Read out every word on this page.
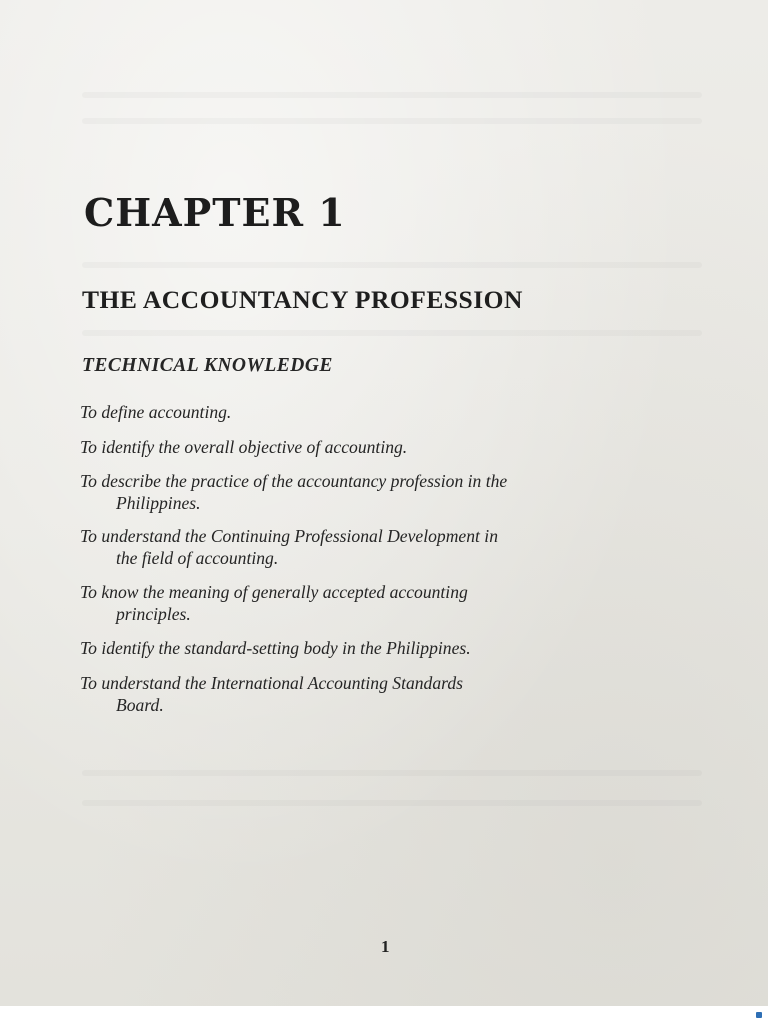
CHAPTER 1
THE ACCOUNTANCY PROFESSION
TECHNICAL KNOWLEDGE
To define accounting.
To identify the overall objective of accounting.
To describe the practice of the accountancy profession in the
Philippines.
To understand the Continuing Professional Development in
the field of accounting.
To know the meaning of generally accepted accounting
principles.
To identify the standard-setting body in the Philippines.
To understand the International Accounting Standards
Board.
1
